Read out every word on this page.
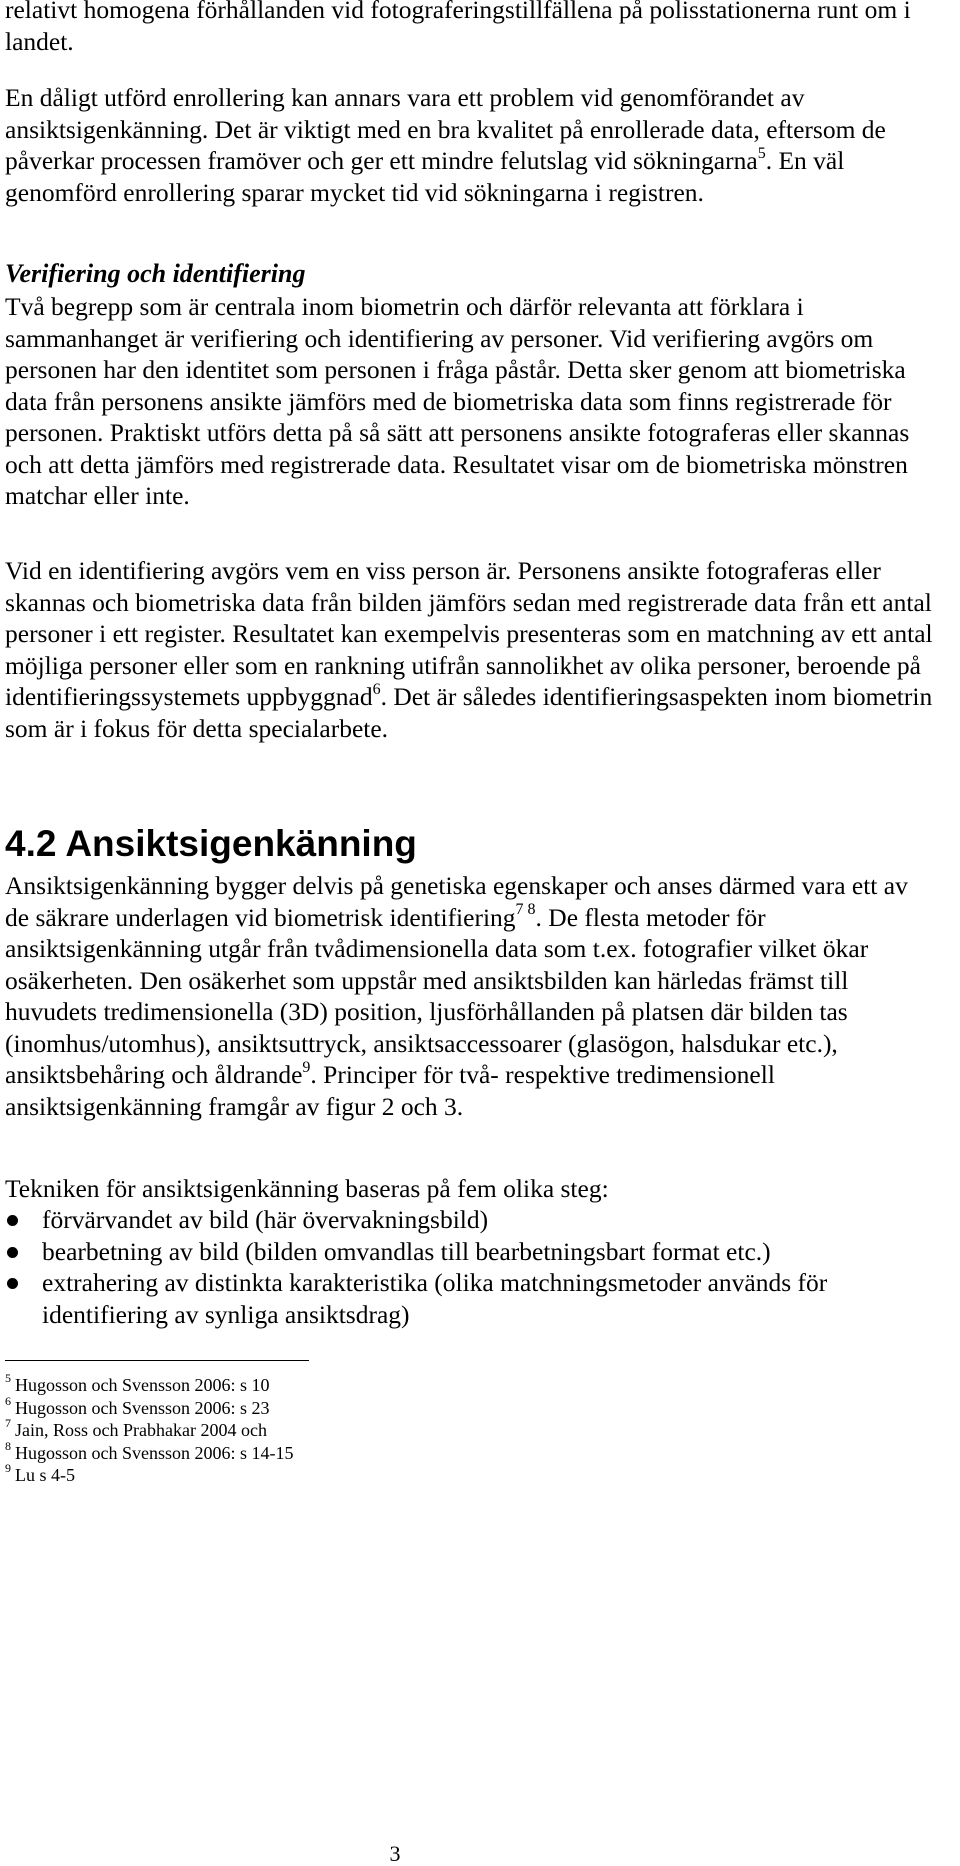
relativt homogena förhållanden vid fotograferingstillfällena på polisstationerna runt om i landet.

En dåligt utförd enrollering kan annars vara ett problem vid genomförandet av ansiktsigenkänning. Det är viktigt med en bra kvalitet på enrollerade data, eftersom de påverkar processen framöver och ger ett mindre felutslag vid sökningarna$^5$. En väl genomförd enrollering sparar mycket tid vid sökningarna i registren.

Verifiering och identifiering

Två begrepp som är centrala inom biometrin och därför relevanta att förklara i sammanhanget är verifiering och identifiering av personer. Vid verifiering avgörs om personen har den identitet som personen i fråga påstår. Detta sker genom att biometriska data från personens ansikte jämförs med de biometriska data som finns registrerade för personen. Praktiskt utförs detta på så sätt att personens ansikte fotograferas eller skannas och att detta jämförs med registrerade data. Resultatet visar om de biometriska mönstren matchar eller inte.

Vid en identifiering avgörs vem en viss person är. Personens ansikte fotograferas eller skannas och biometriska data från bilden jämförs sedan med registrerade data från ett antal personer i ett register. Resultatet kan exempelvis presenteras som en matchning av ett antal möjliga personer eller som en rankning utifrån sannolikhet av olika personer, beroende på identifieringssystemets uppbyggnad$^6$. Det är således identifieringsaspekten inom biometrin som är i fokus för detta specialarbete.

4.2 Ansiktsigenkänning

Ansiktsigenkänning bygger delvis på genetiska egenskaper och anses därmed vara ett av de säkrare underlagen vid biometrisk identifiering$^{7 8}$. De flesta metoder för ansiktsigenkänning utgår från tvådimensionella data som t.ex. fotografier vilket ökar osäkerheten. Den osäkerhet som uppstår med ansiktsbilden kan härledas främst till huvudets tredimensionella (3D) position, ljusförhållanden på platsen där bilden tas (inomhus/utomhus), ansiktsuttryck, ansiktsaccessoarer (glasögon, halsdukar etc.), ansiktsbehåring och åldrande$^9$. Principer för två- respektive tredimensionell ansiktsigenkänning framgår av figur 2 och 3.

Tekniken för ansiktsigenkänning baseras på fem olika steg:

förvärvandet av bild (här övervakningsbild)
bearbetning av bild (bilden omvandlas till bearbetningsbart format etc.)
extrahering av distinkta karakteristika (olika matchningsmetoder används för identifiering av synliga ansiktsdrag)
$^5$ Hugosson och Svensson 2006: s 10
$^6$ Hugosson och Svensson 2006: s 23
$^7$ Jain, Ross och Prabhakar 2004 och
$^8$ Hugosson och Svensson 2006: s 14-15
$^9$ Lu s 4-5
3
